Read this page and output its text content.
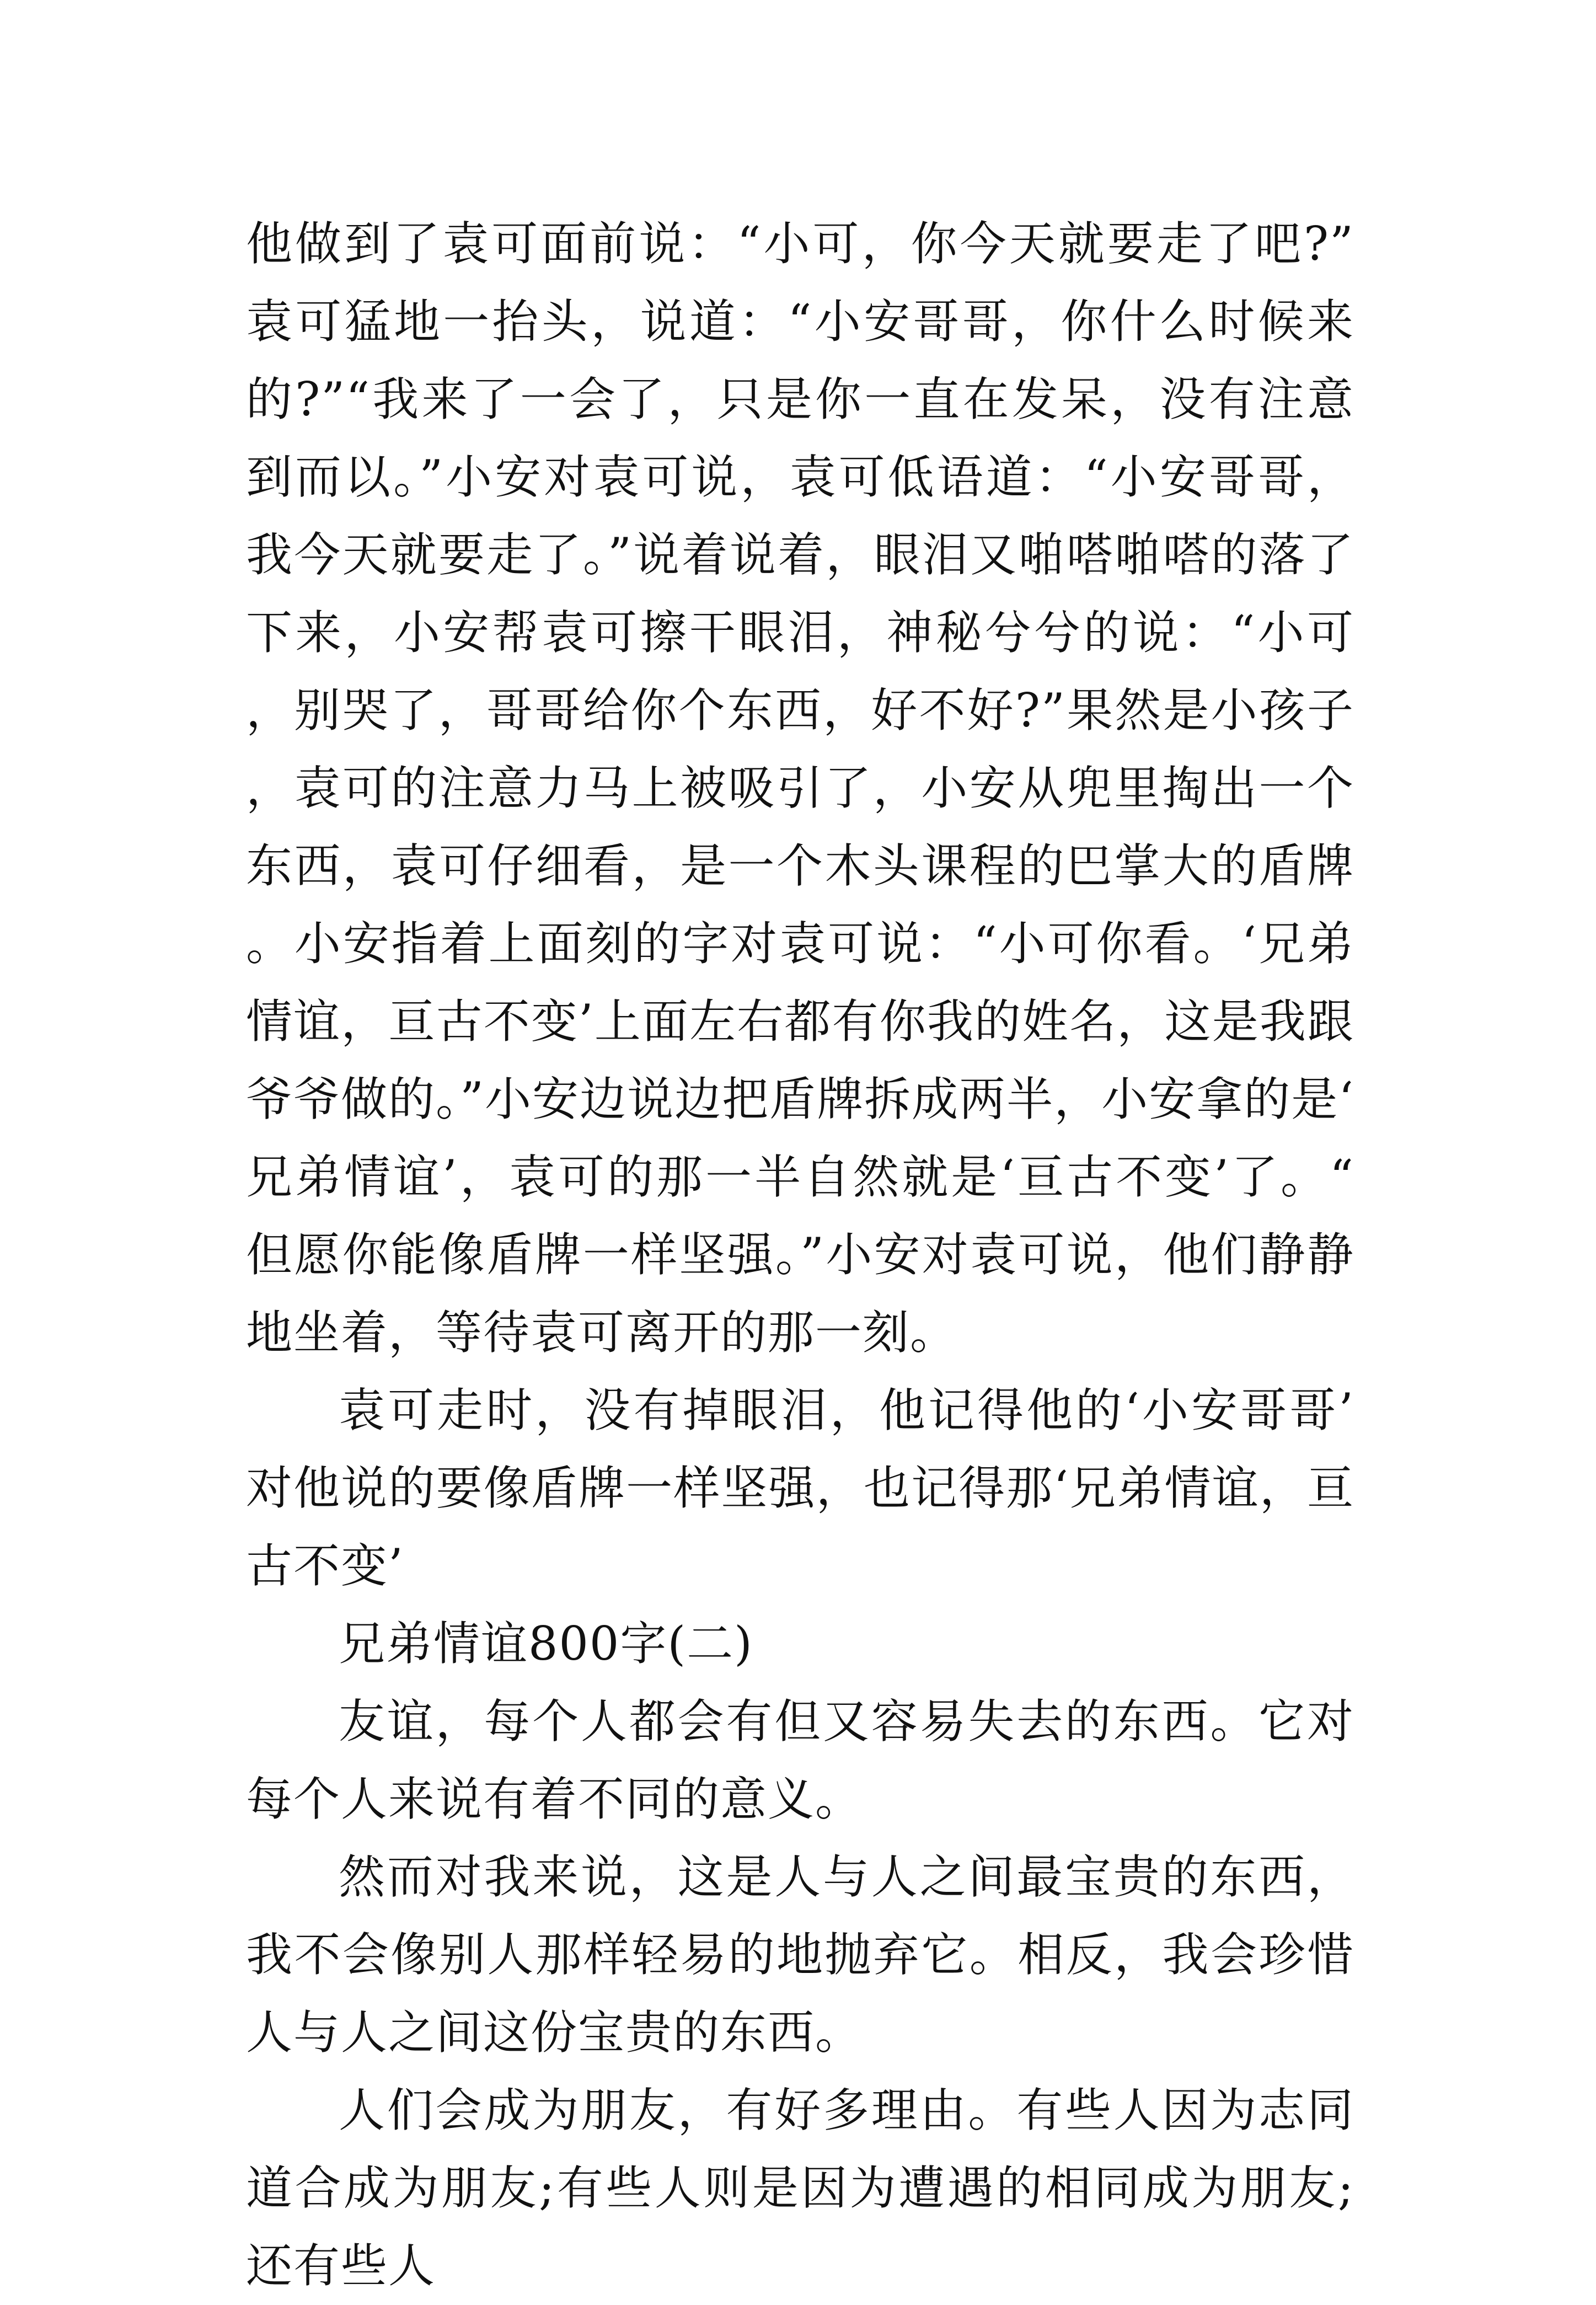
他做到了袁可面前说：“小可，你今天就要走了吧?”袁可猛地一抬头，说道：“小安哥哥，你什么时候来的?”“我来了一会了，只是你一直在发呆，没有注意到而以。”小安对袁可说，袁可低语道：“小安哥哥，我今天就要走了。”说着说着，眼泪又啪嗒啪嗒的落了下来，小安帮袁可擦干眼泪，神秘兮兮的说：“小可，别哭了，哥哥给你个东西，好不好?”果然是小孩子，袁可的注意力马上被吸引了，小安从兜里掏出一个东西，袁可仔细看，是一个木头课程的巴掌大的盾牌。小安指着上面刻的字对袁可说：“小可你看。‘兄弟情谊，亘古不变’上面左右都有你我的姓名，这是我跟爷爷做的。”小安边说边把盾牌拆成两半，小安拿的是‘兄弟情谊’，袁可的那一半自然就是‘亘古不变’了。“但愿你能像盾牌一样坚强。”小安对袁可说，他们静静地坐着，等待袁可离开的那一刻。

袁可走时，没有掉眼泪，他记得他的‘小安哥哥’对他说的要像盾牌一样坚强，也记得那‘兄弟情谊，亘古不变’

兄弟情谊800字(二)

友谊，每个人都会有但又容易失去的东西。它对每个人来说有着不同的意义。

然而对我来说，这是人与人之间最宝贵的东西，我不会像别人那样轻易的地抛弃它。相反，我会珍惜人与人之间这份宝贵的东西。

人们会成为朋友，有好多理由。有些人因为志同道合成为朋友;有些人则是因为遭遇的相同成为朋友;还有些人
